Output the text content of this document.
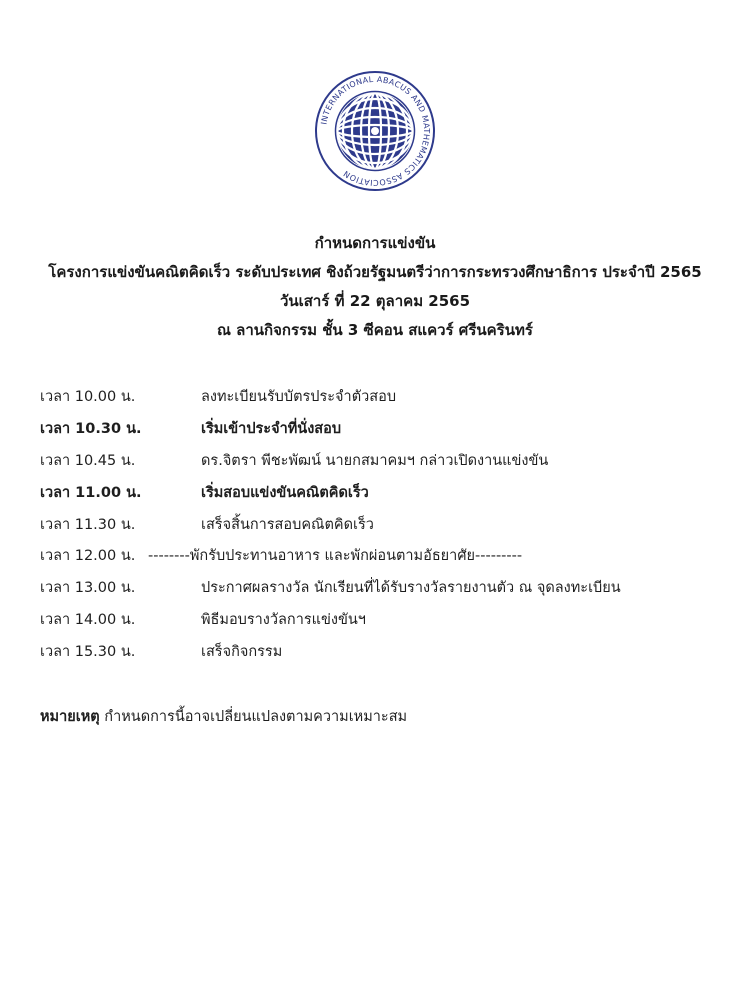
INTERNATIONAL ABACUS AND MATHEMATICS ASSOCIATION
กำหนดการแข่งขัน
โครงการแข่งขันคณิตคิดเร็ว ระดับประเทศ ชิงถ้วยรัฐมนตรีว่าการกระทรวงศึกษาธิการ ประจำปี 2565
วันเสาร์ ที่ 22 ตุลาคม 2565
ณ ลานกิจกรรม ชั้น 3 ซีคอน สแควร์ ศรีนครินทร์
เวลา 10.00 น.	ลงทะเบียนรับบัตรประจำตัวสอบ
เวลา 10.30 น.	เริ่มเข้าประจำที่นั่งสอบ
เวลา 10.45 น.	ดร.จิตรา พีชะพัฒน์ นายกสมาคมฯ กล่าวเปิดงานแข่งขัน
เวลา 11.00 น.	เริ่มสอบแข่งขันคณิตคิดเร็ว
เวลา 11.30 น.	เสร็จสิ้นการสอบคณิตคิดเร็ว
เวลา 12.00 น. --------พักรับประทานอาหาร และพักผ่อนตามอัธยาศัย---------
เวลา 13.00 น.	ประกาศผลรางวัล นักเรียนที่ได้รับรางวัลรายงานตัว ณ จุดลงทะเบียน
เวลา 14.00 น.	พิธีมอบรางวัลการแข่งขันฯ
เวลา 15.30 น.	เสร็จกิจกรรม
หมายเหตุ กำหนดการนี้อาจเปลี่ยนแปลงตามความเหมาะสม
